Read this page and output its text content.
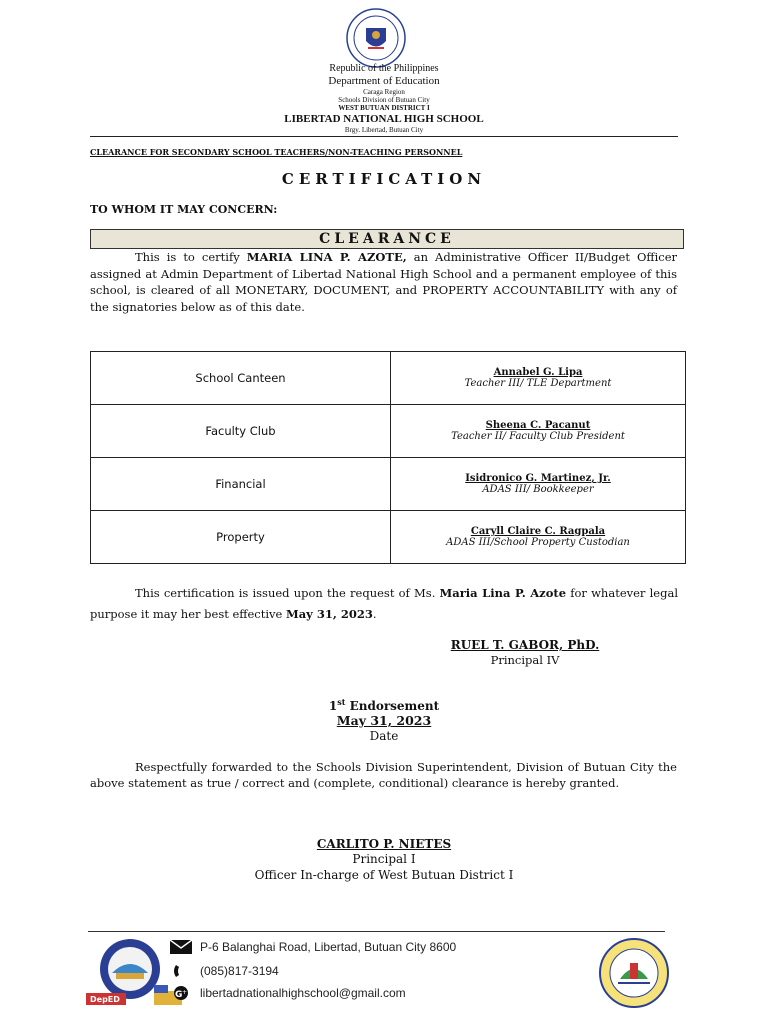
Republic of the Philippines
Department of Education
Caraga Region
Schools Division of Butuan City
WEST BUTUAN DISTRICT I
LIBERTAD NATIONAL HIGH SCHOOL
Brgy. Libertad, Butuan City
CLEARANCE FOR SECONDARY SCHOOL TEACHERS/NON-TEACHING PERSONNEL
CERTIFICATION
TO WHOM IT MAY CONCERN:
CLEARANCE
This is to certify MARIA LINA P. AZOTE, an Administrative Officer II/Budget Officer assigned at Admin Department of Libertad National High School and a permanent employee of this school, is cleared of all MONETARY, DOCUMENT, and PROPERTY ACCOUNTABILITY with any of the signatories below as of this date.
School Canteen	Annabel G. Lipa
Teacher III/ TLE Department

Faculty Club	Sheena C. Pacanut
Teacher II/ Faculty Club President

Financial	Isidronico G. Martinez, Jr.
ADAS III/ Bookkeeper

Property	Caryll Claire C. Ragpala
ADAS III/School Property Custodian
This certification is issued upon the request of Ms. Maria Lina P. Azote for whatever legal purpose it may her best effective May 31, 2023.
RUEL T. GABOR, PhD.
Principal IV
1st Endorsement
May 31, 2023
Date
Respectfully forwarded to the Schools Division Superintendent, Division of Butuan City the above statement as true / correct and (complete, conditional) clearance is hereby granted.
CARLITO P. NIETES
Principal I
Officer In-charge of West Butuan District I
DepED
P-6 Balanghai Road, Libertad, Butuan City 8600
(085)817-3194
G + libertadnationalhighschool@gmail.com
